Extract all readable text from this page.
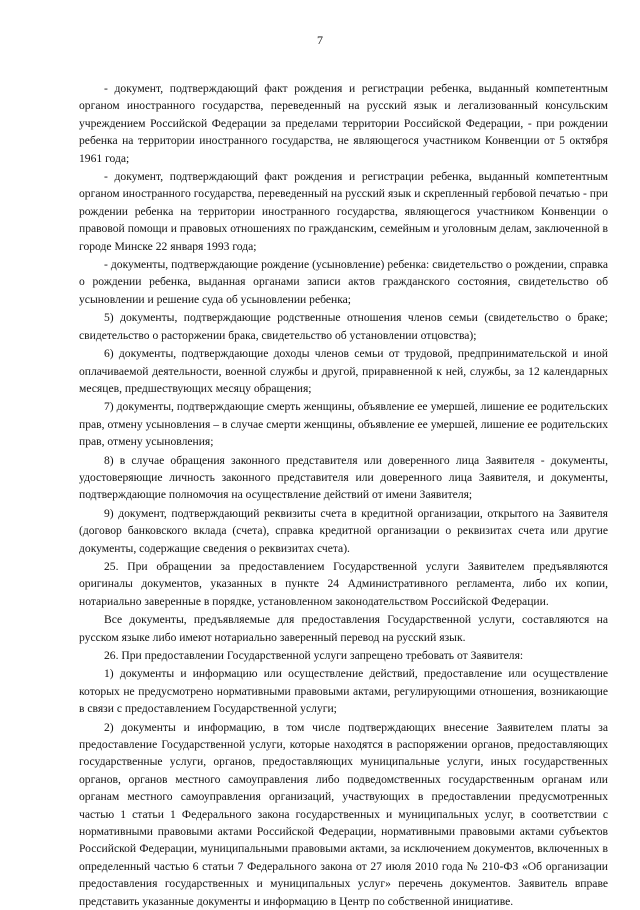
7

- документ, подтверждающий факт рождения и регистрации ребенка, выданный компетентным органом иностранного государства, переведенный на русский язык и легализованный консульским учреждением Российской Федерации за пределами территории Российской Федерации, - при рождении ребенка на территории иностранного государства, не являющегося участником Конвенции от 5 октября 1961 года;

- документ, подтверждающий факт рождения и регистрации ребенка, выданный компетентным органом иностранного государства, переведенный на русский язык и скрепленный гербовой печатью - при рождении ребенка на территории иностранного государства, являющегося участником Конвенции о правовой помощи и правовых отношениях по гражданским, семейным и уголовным делам, заключенной в городе Минске 22 января 1993 года;

- документы, подтверждающие рождение (усыновление) ребенка: свидетельство о рождении, справка о рождении ребенка, выданная органами записи актов гражданского состояния, свидетельство об усыновлении и решение суда об усыновлении ребенка;

5) документы, подтверждающие родственные отношения членов семьи (свидетельство о браке; свидетельство о расторжении брака, свидетельство об установлении отцовства);

6) документы, подтверждающие доходы членов семьи от трудовой, предпринимательской и иной оплачиваемой деятельности, военной службы и другой, приравненной к ней, службы, за 12 календарных месяцев, предшествующих месяцу обращения;

7) документы, подтверждающие смерть женщины, объявление ее умершей, лишение ее родительских прав, отмену усыновления – в случае смерти женщины, объявление ее умершей, лишение ее родительских прав, отмену усыновления;

8) в случае обращения законного представителя или доверенного лица Заявителя - документы, удостоверяющие личность законного представителя или доверенного лица Заявителя, и документы, подтверждающие полномочия на осуществление действий от имени Заявителя;

9) документ, подтверждающий реквизиты счета в кредитной организации, открытого на Заявителя (договор банковского вклада (счета), справка кредитной организации о реквизитах счета или другие документы, содержащие сведения о реквизитах счета).

25. При обращении за предоставлением Государственной услуги Заявителем предъявляются оригиналы документов, указанных в пункте 24 Административного регламента, либо их копии, нотариально заверенные в порядке, установленном законодательством Российской Федерации.

Все документы, предъявляемые для предоставления Государственной услуги, составляются на русском языке либо имеют нотариально заверенный перевод на русский язык.

26. При предоставлении Государственной услуги запрещено требовать от Заявителя:

1) документы и информацию или осуществление действий, предоставление или осуществление которых не предусмотрено нормативными правовыми актами, регулирующими отношения, возникающие в связи с предоставлением Государственной услуги;

2) документы и информацию, в том числе подтверждающих внесение Заявителем платы за предоставление Государственной услуги, которые находятся в распоряжении органов, предоставляющих государственные услуги, органов, предоставляющих муниципальные услуги, иных государственных органов, органов местного самоуправления либо подведомственных государственным органам или органам местного самоуправления организаций, участвующих в предоставлении предусмотренных частью 1 статьи 1 Федерального закона государственных и муниципальных услуг, в соответствии с нормативными правовыми актами Российской Федерации, нормативными правовыми актами субъектов Российской Федерации, муниципальными правовыми актами, за исключением документов, включенных в определенный частью 6 статьи 7 Федерального закона от 27 июля 2010 года № 210-ФЗ «Об организации предоставления государственных и муниципальных услуг» перечень документов. Заявитель вправе представить указанные документы и информацию в Центр по собственной инициативе.
